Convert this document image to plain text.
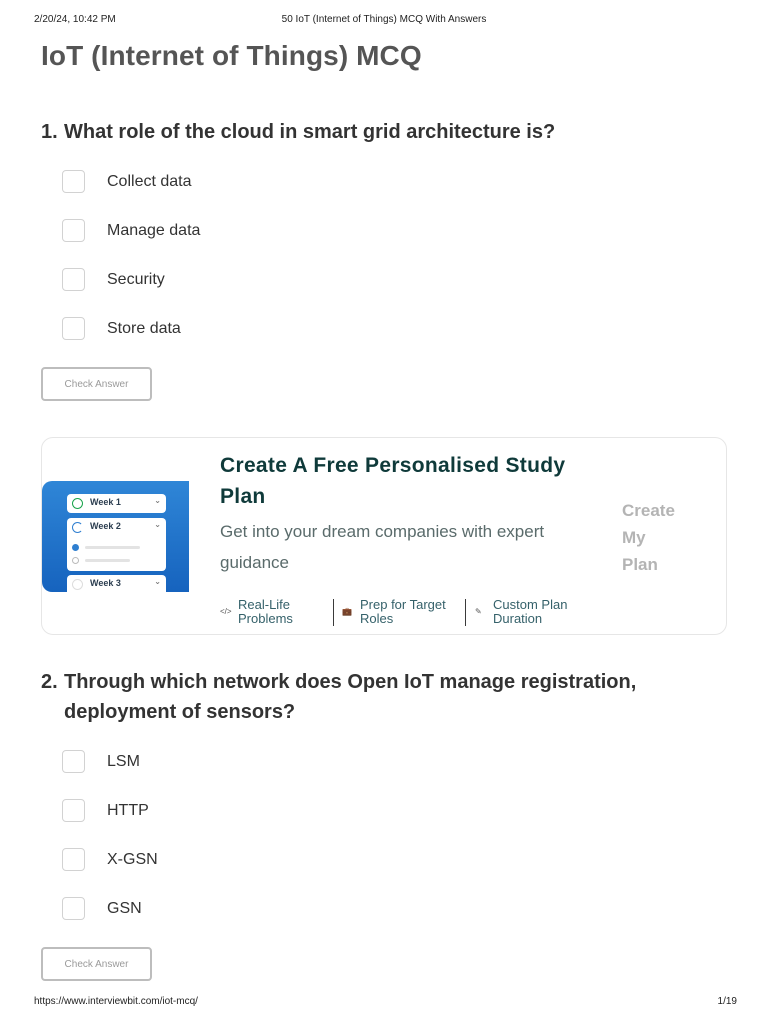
2/20/24, 10:42 PM	50 IoT (Internet of Things) MCQ With Answers
IoT (Internet of Things) MCQ
1. What role of the cloud in smart grid architecture is?
Collect data
Manage data
Security
Store data
Check Answer
Week 1	⌄
Week 2	⌄
Week 3	⌄
Create A Free Personalised Study Plan
Get into your dream companies with expert guidance
Create
My
Plan
</> Real-Life
Problems	💼 Prep for Target
Roles	✎ Custom Plan
Duration
2. Through which network does Open IoT manage registration, deployment of sensors?
LSM
HTTP
X-GSN
GSN
Check Answer
https://www.interviewbit.com/iot-mcq/	1/19
